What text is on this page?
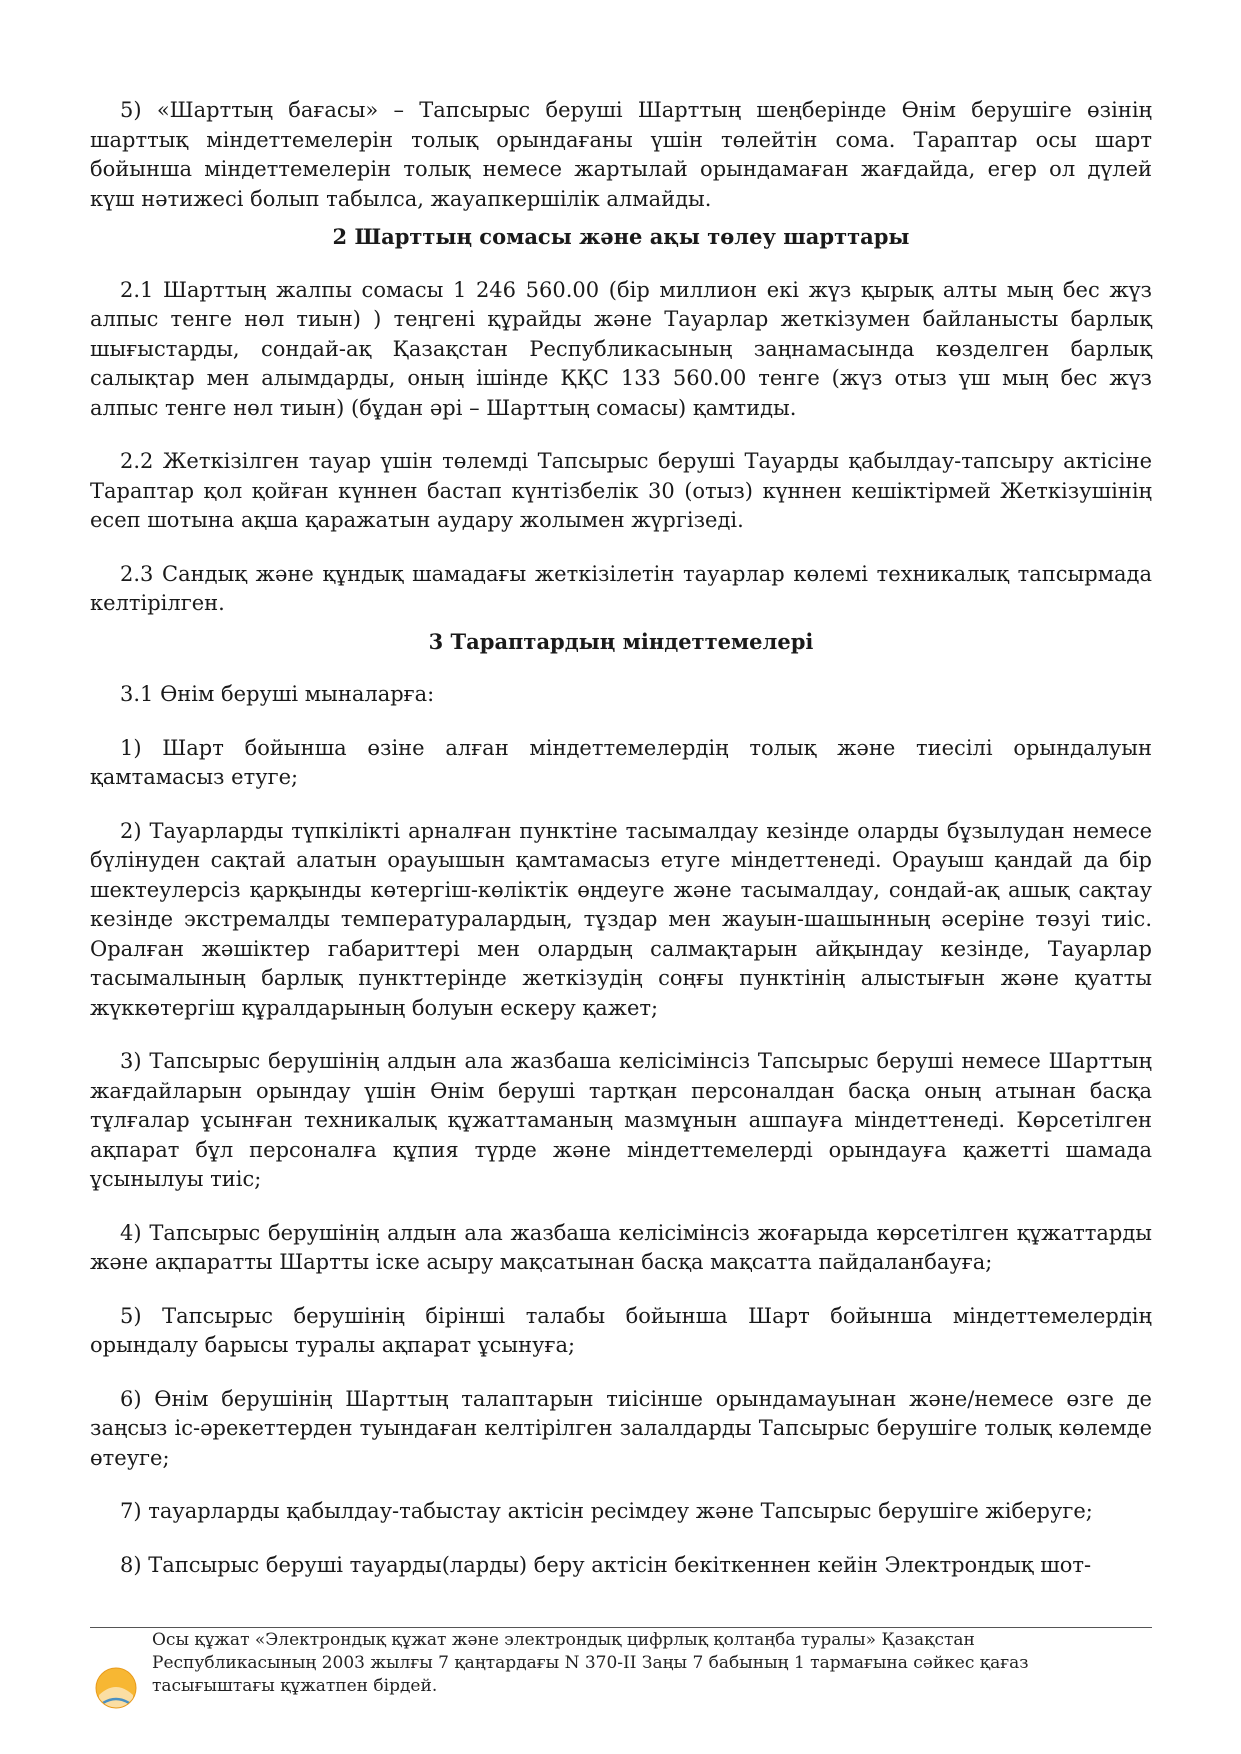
5) «Шарттың бағасы» – Тапсырыс беруші Шарттың шеңберінде Өнім берушіге өзінің шарттық міндеттемелерін толық орындағаны үшін төлейтін сома. Тараптар осы шарт бойынша міндеттемелерін толық немесе жартылай орындамаған жағдайда, егер ол дүлей күш нәтижесі болып табылса, жауапкершілік алмайды.

2 Шарттың сомасы және ақы төлеу шарттары

2.1 Шарттың жалпы сомасы 1 246 560.00 (бір миллион екі жүз қырық алты мың бес жүз алпыс тенге нөл тиын) ) теңгені құрайды және Тауарлар жеткізумен байланысты барлық шығыстарды, сондай-ақ Қазақстан Республикасының заңнамасында көзделген барлық салықтар мен алымдарды, оның ішінде ҚҚС 133 560.00 тенге (жүз отыз үш мың бес жүз алпыс тенге нөл тиын) (бұдан әрі – Шарттың сомасы) қамтиды.

2.2 Жеткізілген тауар үшін төлемді Тапсырыс беруші Тауарды қабылдау-тапсыру актісіне Тараптар қол қойған күннен бастап күнтізбелік 30 (отыз) күннен кешіктірмей Жеткізушінің есеп шотына ақша қаражатын аудару жолымен жүргізеді.

2.3 Сандық және құндық шамадағы жеткізілетін тауарлар көлемі техникалық тапсырмада келтірілген.

3 Тараптардың міндеттемелері

3.1 Өнім беруші мыналарға:

1) Шарт бойынша өзіне алған міндеттемелердің толық және тиесілі орындалуын қамтамасыз етуге;

2) Тауарларды түпкілікті арналған пунктіне тасымалдау кезінде оларды бұзылудан немесе бүлінуден сақтай алатын орауышын қамтамасыз етуге міндеттенеді. Орауыш қандай да бір шектеулерсіз қарқынды көтергіш-көліктік өңдеуге және тасымалдау, сондай-ақ ашық сақтау кезінде экстремалды температуралардың, тұздар мен жауын-шашынның әсеріне төзуі тиіс. Оралған жәшіктер габариттері мен олардың салмақтарын айқындау кезінде, Тауарлар тасымалының барлық пункттерінде жеткізудің соңғы пунктінің алыстығын және қуатты жүккөтергіш құралдарының болуын ескеру қажет;

3) Тапсырыс берушінің алдын ала жазбаша келісімінсіз Тапсырыс беруші немесе Шарттың жағдайларын орындау үшін Өнім беруші тартқан персоналдан басқа оның атынан басқа тұлғалар ұсынған техникалық құжаттаманың мазмұнын ашпауға міндеттенеді. Көрсетілген ақпарат бұл персоналға құпия түрде және міндеттемелерді орындауға қажетті шамада ұсынылуы тиіс;

4) Тапсырыс берушінің алдын ала жазбаша келісімінсіз жоғарыда көрсетілген құжаттарды және ақпаратты Шартты іске асыру мақсатынан басқа мақсатта пайдаланбауға;

5) Тапсырыс берушінің бірінші талабы бойынша Шарт бойынша міндеттемелердің орындалу барысы туралы ақпарат ұсынуға;

6) Өнім берушінің Шарттың талаптарын тиісінше орындамауынан және/немесе өзге де заңсыз іс-әрекеттерден туындаған келтірілген залалдарды Тапсырыс берушіге толық көлемде өтеуге;

7) тауарларды қабылдау-табыстау актісін ресімдеу және Тапсырыс берушіге жіберуге;

8) Тапсырыс беруші тауарды(ларды) беру актісін бекіткеннен кейін Электрондық шот-

Осы құжат «Электрондық құжат және электрондық цифрлық қолтаңба туралы» Қазақстан Республикасының 2003 жылғы 7 қаңтардағы N 370-II Заңы 7 бабының 1 тармағына сәйкес қағаз тасығыштағы құжатпен бірдей.
